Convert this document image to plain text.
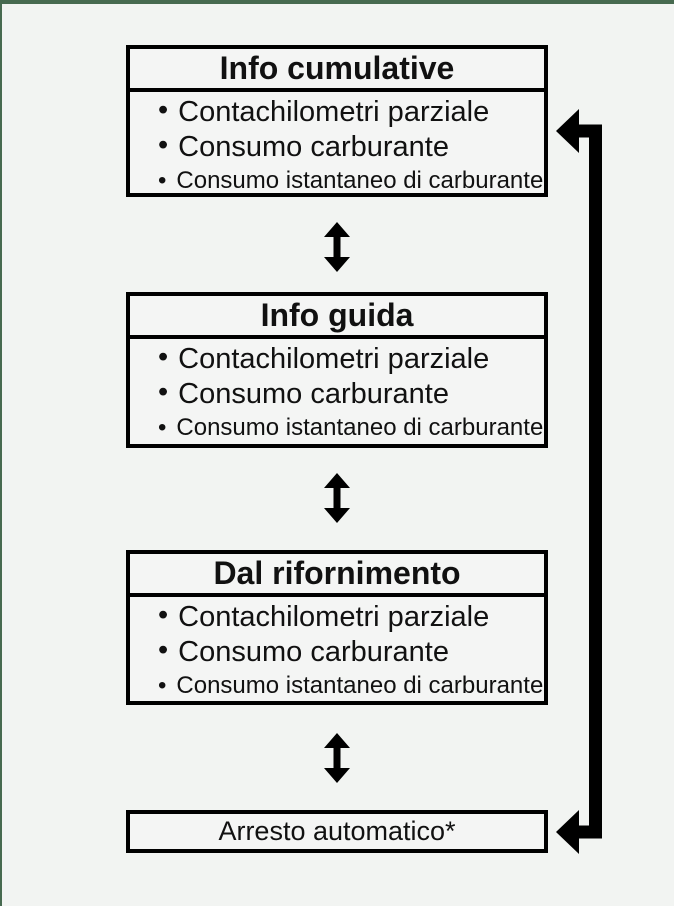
Info cumulative
• Contachilometri parziale
• Consumo carburante
• Consumo istantaneo di carburante
Info guida
• Contachilometri parziale
• Consumo carburante
• Consumo istantaneo di carburante
Dal rifornimento
• Contachilometri parziale
• Consumo carburante
• Consumo istantaneo di carburante
Arresto automatico*
